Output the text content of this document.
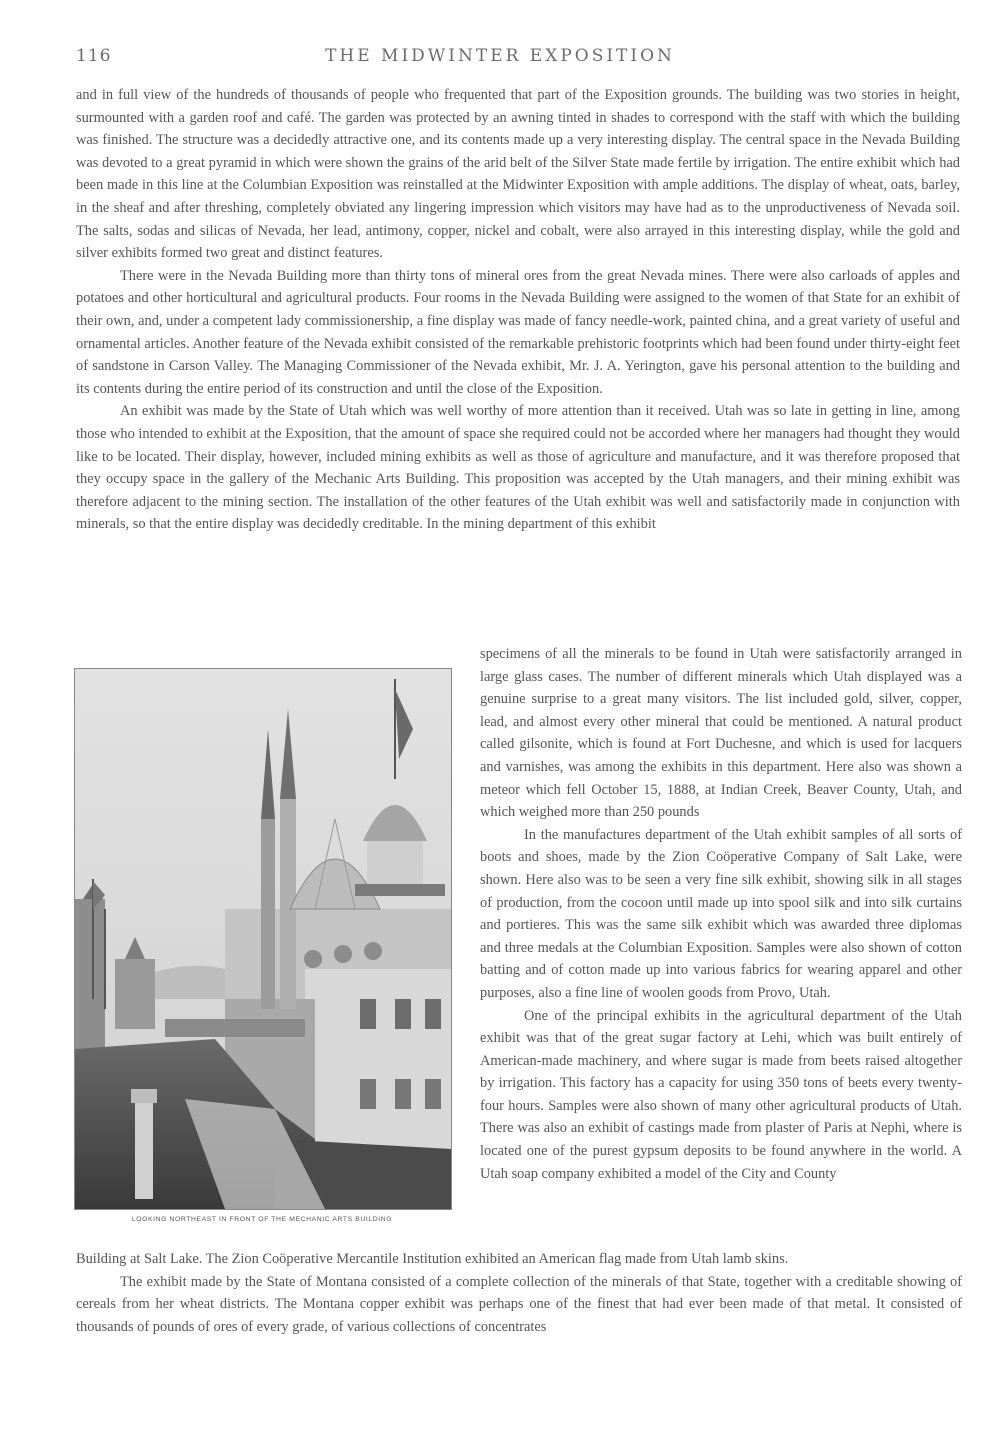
116	THE MIDWINTER EXPOSITION

and in full view of the hundreds of thousands of people who frequented that part of the Exposition grounds. The building was two stories in height, surmounted with a garden roof and café. The garden was protected by an awning tinted in shades to correspond with the staff with which the building was finished. The structure was a decidedly attractive one, and its contents made up a very interesting display. The central space in the Nevada Building was devoted to a great pyramid in which were shown the grains of the arid belt of the Silver State made fertile by irrigation. The entire exhibit which had been made in this line at the Columbian Exposition was reinstalled at the Midwinter Exposition with ample additions. The display of wheat, oats, barley, in the sheaf and after threshing, completely obviated any lingering impression which visitors may have had as to the unproductiveness of Nevada soil. The salts, sodas and silicas of Nevada, her lead, antimony, copper, nickel and cobalt, were also arrayed in this interesting display, while the gold and silver exhibits formed two great and distinct features.

There were in the Nevada Building more than thirty tons of mineral ores from the great Nevada mines. There were also carloads of apples and potatoes and other horticultural and agricultural products. Four rooms in the Nevada Building were assigned to the women of that State for an exhibit of their own, and, under a competent lady commissionership, a fine display was made of fancy needle-work, painted china, and a great variety of useful and ornamental articles. Another feature of the Nevada exhibit consisted of the remarkable prehistoric footprints which had been found under thirty-eight feet of sandstone in Carson Valley. The Managing Commissioner of the Nevada exhibit, Mr. J. A. Yerington, gave his personal attention to the building and its contents during the entire period of its construction and until the close of the Exposition.

An exhibit was made by the State of Utah which was well worthy of more attention than it received. Utah was so late in getting in line, among those who intended to exhibit at the Exposition, that the amount of space she required could not be accorded where her managers had thought they would like to be located. Their display, however, included mining exhibits as well as those of agriculture and manufacture, and it was therefore proposed that they occupy space in the gallery of the Mechanic Arts Building. This proposition was accepted by the Utah managers, and their mining exhibit was therefore adjacent to the mining section. The installation of the other features of the Utah exhibit was well and satisfactorily made in conjunction with minerals, so that the entire display was decidedly creditable. In the mining department of this exhibit

LOOKING NORTHEAST IN FRONT OF THE MECHANIC ARTS BUILDING

specimens of all the minerals to be found in Utah were satisfactorily arranged in large glass cases. The number of different minerals which Utah displayed was a genuine surprise to a great many visitors. The list included gold, silver, copper, lead, and almost every other mineral that could be mentioned. A natural product called gilsonite, which is found at Fort Duchesne, and which is used for lacquers and varnishes, was among the exhibits in this department. Here also was shown a meteor which fell October 15, 1888, at Indian Creek, Beaver County, Utah, and which weighed more than 250 pounds

In the manufactures department of the Utah exhibit samples of all sorts of boots and shoes, made by the Zion Coöperative Company of Salt Lake, were shown. Here also was to be seen a very fine silk exhibit, showing silk in all stages of production, from the cocoon until made up into spool silk and into silk curtains and portieres. This was the same silk exhibit which was awarded three diplomas and three medals at the Columbian Exposition. Samples were also shown of cotton batting and of cotton made up into various fabrics for wearing apparel and other purposes, also a fine line of woolen goods from Provo, Utah.

One of the principal exhibits in the agricultural department of the Utah exhibit was that of the great sugar factory at Lehi, which was built entirely of American-made machinery, and where sugar is made from beets raised altogether by irrigation. This factory has a capacity for using 350 tons of beets every twenty-four hours. Samples were also shown of many other agricultural products of Utah. There was also an exhibit of castings made from plaster of Paris at Nephi, where is located one of the purest gypsum deposits to be found anywhere in the world. A Utah soap company exhibited a model of the City and County

Building at Salt Lake. The Zion Coöperative Mercantile Institution exhibited an American flag made from Utah lamb skins.

The exhibit made by the State of Montana consisted of a complete collection of the minerals of that State, together with a creditable showing of cereals from her wheat districts. The Montana copper exhibit was perhaps one of the finest that had ever been made of that metal. It consisted of thousands of pounds of ores of every grade, of various collections of concentrates
